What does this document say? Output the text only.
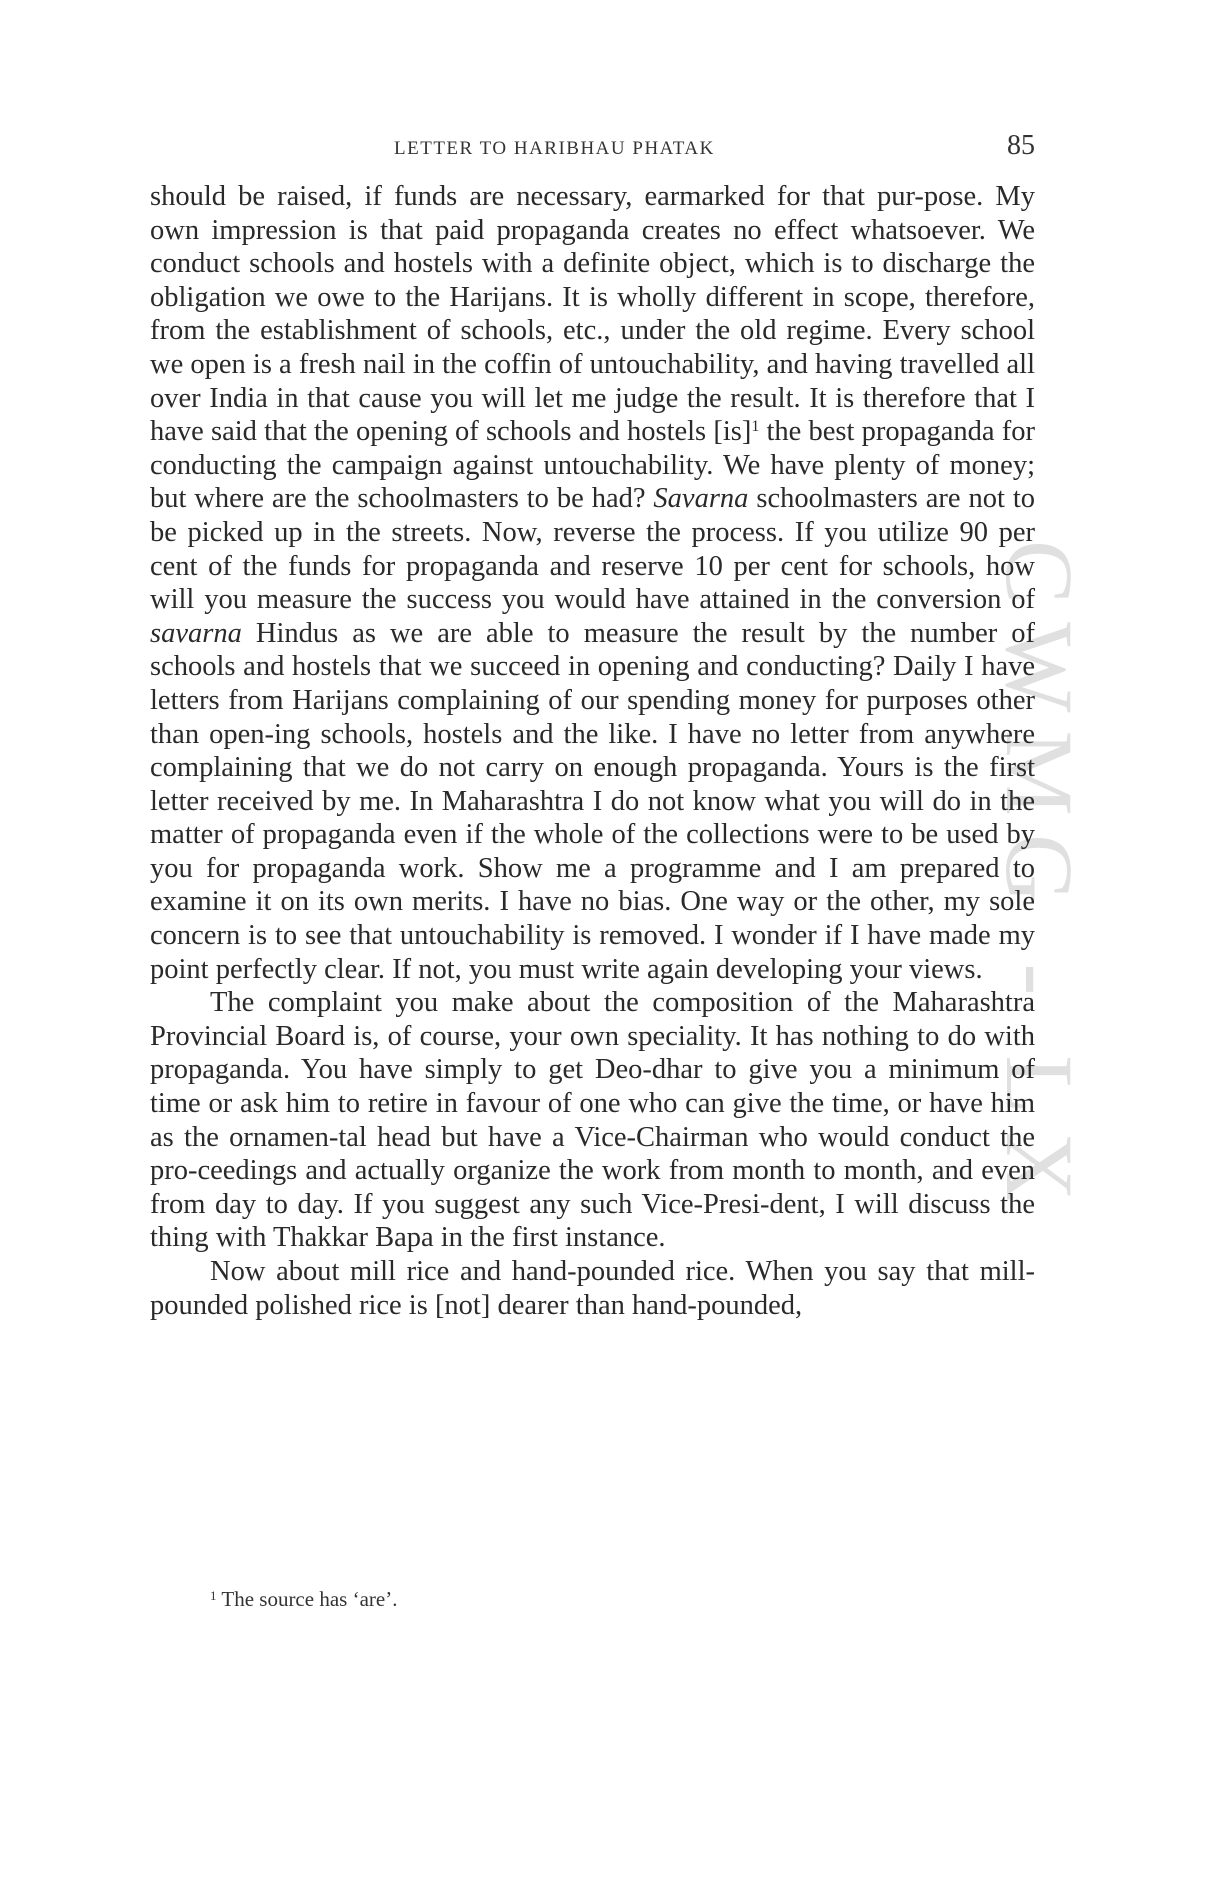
CWMG - LX
LETTER TO HARIBHAU PHATAK	85

should be raised, if funds are necessary, earmarked for that pur-pose. My own impression is that paid propaganda creates no effect whatsoever. We conduct schools and hostels with a definite object, which is to discharge the obligation we owe to the Harijans. It is wholly different in scope, therefore, from the establishment of schools, etc., under the old regime. Every school we open is a fresh nail in the coffin of untouchability, and having travelled all over India in that cause you will let me judge the result. It is therefore that I have said that the opening of schools and hostels [is]$^1$ the best propaganda for conducting the campaign against untouchability. We have plenty of money; but where are the schoolmasters to be had? Savarna schoolmasters are not to be picked up in the streets. Now, reverse the process. If you utilize 90 per cent of the funds for propaganda and reserve 10 per cent for schools, how will you measure the success you would have attained in the conversion of savarna Hindus as we are able to measure the result by the number of schools and hostels that we succeed in opening and conducting? Daily I have letters from Harijans complaining of our spending money for purposes other than open-ing schools, hostels and the like. I have no letter from anywhere complaining that we do not carry on enough propaganda. Yours is the first letter received by me. In Maharashtra I do not know what you will do in the matter of propaganda even if the whole of the collections were to be used by you for propaganda work. Show me a programme and I am prepared to examine it on its own merits. I have no bias. One way or the other, my sole concern is to see that untouchability is removed. I wonder if I have made my point perfectly clear. If not, you must write again developing your views.

The complaint you make about the composition of the Maharashtra Provincial Board is, of course, your own speciality. It has nothing to do with propaganda. You have simply to get Deo-dhar to give you a minimum of time or ask him to retire in favour of one who can give the time, or have him as the ornamen-tal head but have a Vice-Chairman who would conduct the pro-ceedings and actually organize the work from month to month, and even from day to day. If you suggest any such Vice-Presi-dent, I will discuss the thing with Thakkar Bapa in the first instance.

Now about mill rice and hand-pounded rice. When you say that mill-pounded polished rice is [not] dearer than hand-pounded,

$^1$ The source has ‘are’.
